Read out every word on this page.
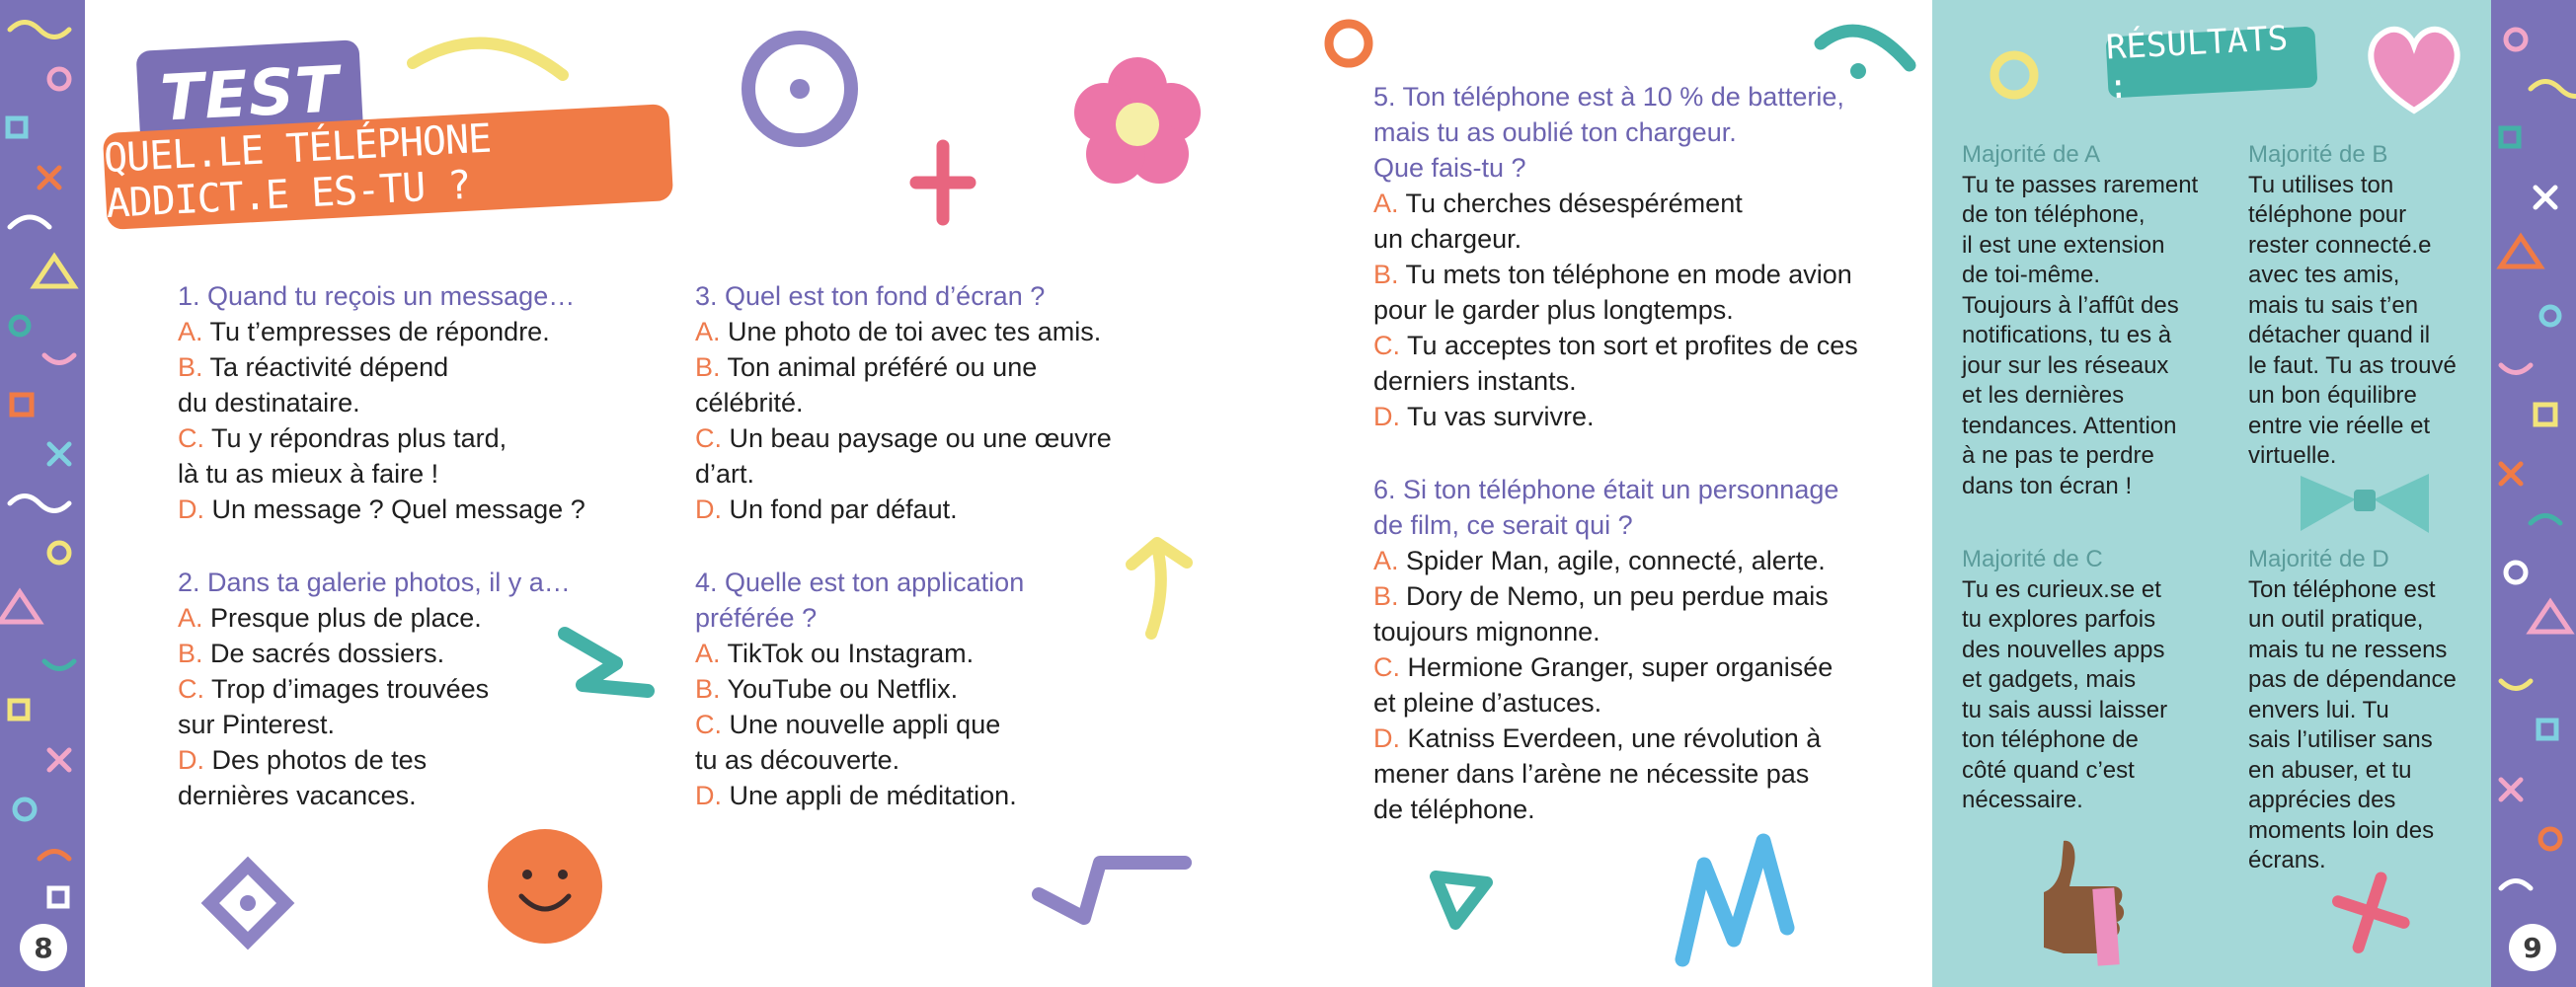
8	9
TEST
QUEL.LE TÉLÉPHONE ADDICT.E ES-TU ?
1. Quand tu reçois un message…
A. Tu t’empresses de répondre.
B. Ta réactivité dépend
du destinataire.
C. Tu y répondras plus tard,
là tu as mieux à faire !
D. Un message ? Quel message ?
2. Dans ta galerie photos, il y a…
A. Presque plus de place.
B. De sacrés dossiers.
C. Trop d’images trouvées
sur Pinterest.
D. Des photos de tes
dernières vacances.
3. Quel est ton fond d’écran ?
A. Une photo de toi avec tes amis.
B. Ton animal préféré ou une
célébrité.
C. Un beau paysage ou une œuvre
d’art.
D. Un fond par défaut.
4. Quelle est ton application
préférée ?
A. TikTok ou Instagram.
B. YouTube ou Netflix.
C. Une nouvelle appli que
tu as découverte.
D. Une appli de méditation.
5. Ton téléphone est à 10 % de batterie,
mais tu as oublié ton chargeur.
Que fais-tu ?
A. Tu cherches désespérément
un chargeur.
B. Tu mets ton téléphone en mode avion
pour le garder plus longtemps.
C. Tu acceptes ton sort et profites de ces
derniers instants.
D. Tu vas survivre.
6. Si ton téléphone était un personnage
de film, ce serait qui ?
A. Spider Man, agile, connecté, alerte.
B. Dory de Nemo, un peu perdue mais
toujours mignonne.
C. Hermione Granger, super organisée
et pleine d’astuces.
D. Katniss Everdeen, une révolution à
mener dans l’arène ne nécessite pas
de téléphone.
RÉSULTATS :
Majorité de A
Tu te passes rarement
de ton téléphone,
il est une extension
de toi-même.
Toujours à l’affût des
notifications, tu es à
jour sur les réseaux
et les dernières
tendances. Attention
à ne pas te perdre
dans ton écran !
Majorité de B
Tu utilises ton
téléphone pour
rester connecté.e
avec tes amis,
mais tu sais t’en
détacher quand il
le faut. Tu as trouvé
un bon équilibre
entre vie réelle et
virtuelle.
Majorité de C
Tu es curieux.se et
tu explores parfois
des nouvelles apps
et gadgets, mais
tu sais aussi laisser
ton téléphone de
côté quand c’est
nécessaire.
Majorité de D
Ton téléphone est
un outil pratique,
mais tu ne ressens
pas de dépendance
envers lui. Tu
sais l’utiliser sans
en abuser, et tu
apprécies des
moments loin des
écrans.
